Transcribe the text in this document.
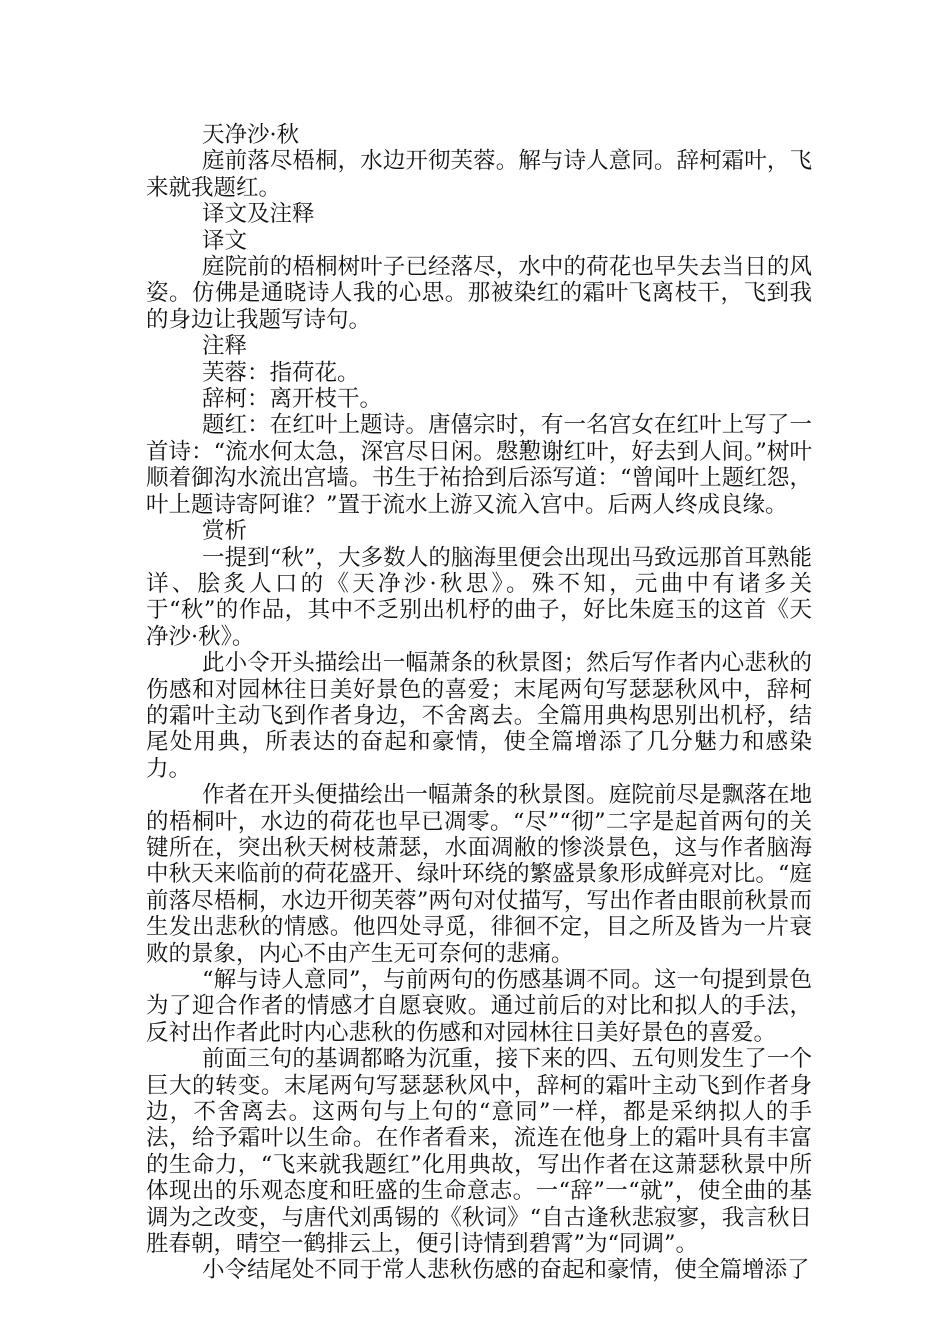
天净沙·秋

庭前落尽梧桐，水边开彻芙蓉。解与诗人意同。辞柯霜叶，飞来就我题红。

译文及注释

译文

庭院前的梧桐树叶子已经落尽，水中的荷花也早失去当日的风姿。仿佛是通晓诗人我的心思。那被染红的霜叶飞离枝干，飞到我的身边让我题写诗句。

注释

芙蓉：指荷花。

辞柯：离开枝干。

题红：在红叶上题诗。唐僖宗时，有一名宫女在红叶上写了一首诗：“流水何太急，深宫尽日闲。慇懃谢红叶，好去到人间。”树叶顺着御沟水流出宫墙。书生于祐拾到后添写道：“曾闻叶上题红怨，叶上题诗寄阿谁？”置于流水上游又流入宫中。后两人终成良缘。

赏析

一提到“秋”，大多数人的脑海里便会出现出马致远那首耳熟能详、脍炙人口的《天净沙·秋思》。殊不知，元曲中有诸多关于“秋”的作品，其中不乏别出机杼的曲子，好比朱庭玉的这首《天净沙·秋》。

此小令开头描绘出一幅萧条的秋景图；然后写作者内心悲秋的伤感和对园林往日美好景色的喜爱；末尾两句写瑟瑟秋风中，辞柯的霜叶主动飞到作者身边，不舍离去。全篇用典构思别出机杼，结尾处用典，所表达的奋起和豪情，使全篇增添了几分魅力和感染力。

作者在开头便描绘出一幅萧条的秋景图。庭院前尽是飘落在地的梧桐叶，水边的荷花也早已凋零。“尽”“彻”二字是起首两句的关键所在，突出秋天树枝萧瑟，水面凋敝的惨淡景色，这与作者脑海中秋天来临前的荷花盛开、绿叶环绕的繁盛景象形成鲜亮对比。“庭前落尽梧桐，水边开彻芙蓉”两句对仗描写，写出作者由眼前秋景而生发出悲秋的情感。他四处寻觅，徘徊不定，目之所及皆为一片衰败的景象，内心不由产生无可奈何的悲痛。

“解与诗人意同”，与前两句的伤感基调不同。这一句提到景色为了迎合作者的情感才自愿衰败。通过前后的对比和拟人的手法，反衬出作者此时内心悲秋的伤感和对园林往日美好景色的喜爱。

前面三句的基调都略为沉重，接下来的四、五句则发生了一个巨大的转变。末尾两句写瑟瑟秋风中，辞柯的霜叶主动飞到作者身边，不舍离去。这两句与上句的“意同”一样，都是采纳拟人的手法，给予霜叶以生命。在作者看来，流连在他身上的霜叶具有丰富的生命力，“飞来就我题红”化用典故，写出作者在这萧瑟秋景中所体现出的乐观态度和旺盛的生命意志。一“辞”一“就”，使全曲的基调为之改变，与唐代刘禹锡的《秋词》“自古逢秋悲寂寥，我言秋日胜春朝，晴空一鹤排云上，便引诗情到碧霄”为“同调”。

小令结尾处不同于常人悲秋伤感的奋起和豪情，使全篇增添了
